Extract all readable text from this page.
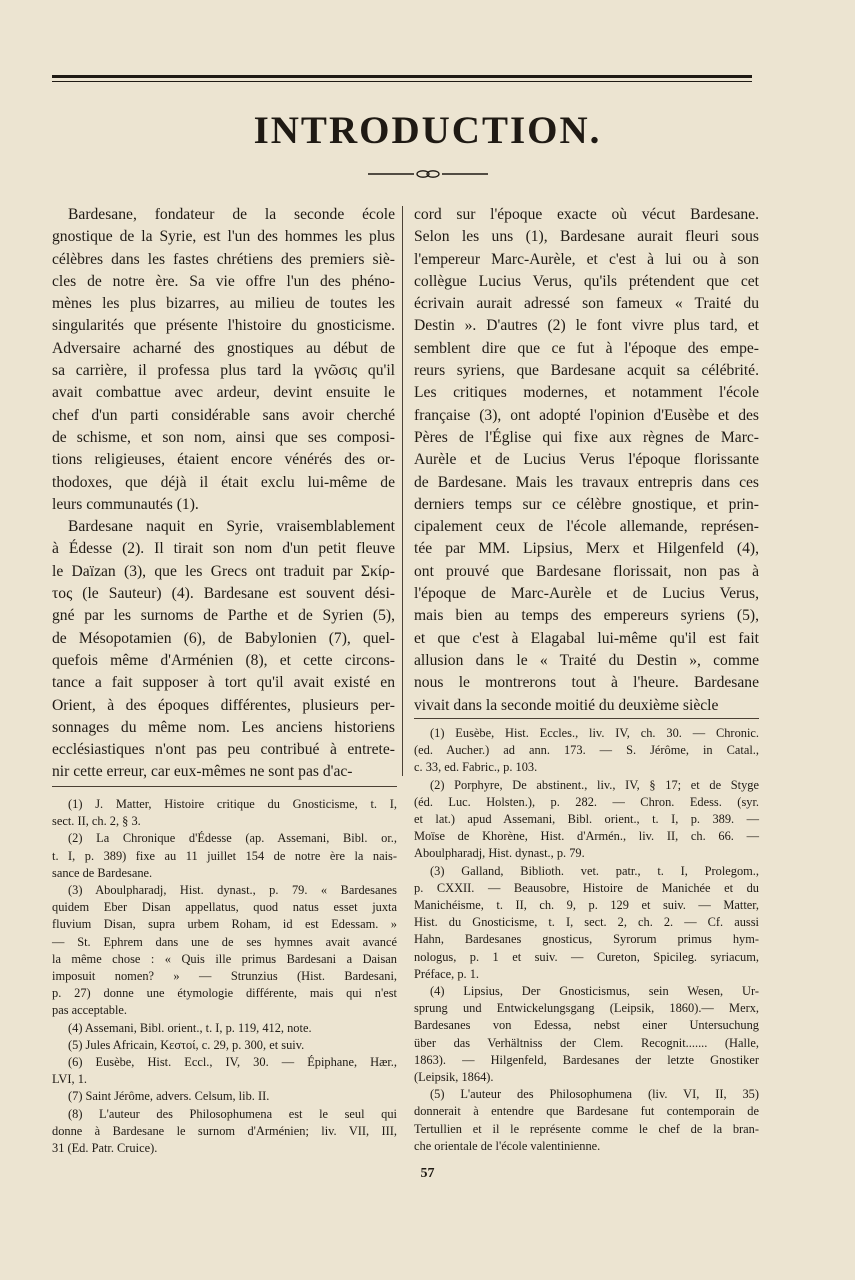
INTRODUCTION.
Bardesane, fondateur de la seconde école
gnostique de la Syrie, est l'un des hommes les plus
célèbres dans les fastes chrétiens des premiers siè-
cles de notre ère. Sa vie offre l'un des phéno-
mènes les plus bizarres, au milieu de toutes les
singularités que présente l'histoire du gnosticisme.
Adversaire acharné des gnostiques au début de
sa carrière, il professa plus tard la γνῶσις qu'il
avait combattue avec ardeur, devint ensuite le
chef d'un parti considérable sans avoir cherché
de schisme, et son nom, ainsi que ses composi-
tions religieuses, étaient encore vénérés des or-
thodoxes, que déjà il était exclu lui-même de
leurs communautés (1).
Bardesane naquit en Syrie, vraisemblablement
à Édesse (2). Il tirait son nom d'un petit fleuve
le Daïzan (3), que les Grecs ont traduit par Σκίρ-
τος (le Sauteur) (4). Bardesane est souvent dési-
gné par les surnoms de Parthe et de Syrien (5),
de Mésopotamien (6), de Babylonien (7), quel-
quefois même d'Arménien (8), et cette circons-
tance a fait supposer à tort qu'il avait existé en
Orient, à des époques différentes, plusieurs per-
sonnages du même nom. Les anciens historiens
ecclésiastiques n'ont pas peu contribué à entrete-
nir cette erreur, car eux-mêmes ne sont pas d'ac-
cord sur l'époque exacte où vécut Bardesane.
Selon les uns (1), Bardesane aurait fleuri sous
l'empereur Marc-Aurèle, et c'est à lui ou à son
collègue Lucius Verus, qu'ils prétendent que cet
écrivain aurait adressé son fameux « Traité du
Destin ». D'autres (2) le font vivre plus tard, et
semblent dire que ce fut à l'époque des empe-
reurs syriens, que Bardesane acquit sa célébrité.
Les critiques modernes, et notamment l'école
française (3), ont adopté l'opinion d'Eusèbe et des
Pères de l'Église qui fixe aux règnes de Marc-
Aurèle et de Lucius Verus l'époque florissante
de Bardesane. Mais les travaux entrepris dans ces
derniers temps sur ce célèbre gnostique, et prin-
cipalement ceux de l'école allemande, représen-
tée par MM. Lipsius, Merx et Hilgenfeld (4),
ont prouvé que Bardesane florissait, non pas à
l'époque de Marc-Aurèle et de Lucius Verus,
mais bien au temps des empereurs syriens (5),
et que c'est à Elagabal lui-même qu'il est fait
allusion dans le « Traité du Destin », comme
nous le montrerons tout à l'heure. Bardesane
vivait dans la seconde moitié du deuxième siècle
(1) J. Matter, Histoire critique du Gnosticisme, t. I,
sect. II, ch. 2, § 3.
(2) La Chronique d'Édesse (ap. Assemani, Bibl. or.,
t. I, p. 389) fixe au 11 juillet 154 de notre ère la nais-
sance de Bardesane.
(3) Aboulpharadj, Hist. dynast., p. 79. « Bardesanes
quidem Eber Disan appellatus, quod natus esset juxta
fluvium Disan, supra urbem Roham, id est Edessam. »
— St. Ephrem dans une de ses hymnes avait avancé
la même chose : « Quis ille primus Bardesani a Daisan
imposuit nomen? » — Strunzius (Hist. Bardesani,
p. 27) donne une étymologie différente, mais qui n'est
pas acceptable.
(4) Assemani, Bibl. orient., t. I, p. 119, 412, note.
(5) Jules Africain, Κεστοί, c. 29, p. 300, et suiv.
(6) Eusèbe, Hist. Eccl., IV, 30. — Épiphane, Hær.,
LVI, 1.
(7) Saint Jérôme, advers. Celsum, lib. II.
(8) L'auteur des Philosophumena est le seul qui
donne à Bardesane le surnom d'Arménien; liv. VII, III,
31 (Ed. Patr. Cruice).
(1) Eusèbe, Hist. Eccles., liv. IV, ch. 30. — Chronic.
(ed. Aucher.) ad ann. 173. — S. Jérôme, in Catal.,
c. 33, ed. Fabric., p. 103.
(2) Porphyre, De abstinent., liv., IV, § 17; et de Styge
(éd. Luc. Holsten.), p. 282. — Chron. Edess. (syr.
et lat.) apud Assemani, Bibl. orient., t. I, p. 389. —
Moïse de Khorène, Hist. d'Armén., liv. II, ch. 66. —
Aboulpharadj, Hist. dynast., p. 79.
(3) Galland, Biblioth. vet. patr., t. I, Prolegom.,
p. CXXII. — Beausobre, Histoire de Manichée et du
Manichéisme, t. II, ch. 9, p. 129 et suiv. — Matter,
Hist. du Gnosticisme, t. I, sect. 2, ch. 2. — Cf. aussi
Hahn, Bardesanes gnosticus, Syrorum primus hym-
nologus, p. 1 et suiv. — Cureton, Spicileg. syriacum,
Préface, p. 1.
(4) Lipsius, Der Gnosticismus, sein Wesen, Ur-
sprung und Entwickelungsgang (Leipsik, 1860).— Merx,
Bardesanes von Edessa, nebst einer Untersuchung
über das Verhältniss der Clem. Recognit....... (Halle,
1863). — Hilgenfeld, Bardesanes der letzte Gnostiker
(Leipsik, 1864).
(5) L'auteur des Philosophumena (liv. VI, II, 35)
donnerait à entendre que Bardesane fut contemporain de
Tertullien et il le représente comme le chef de la bran-
che orientale de l'école valentinienne.
57
